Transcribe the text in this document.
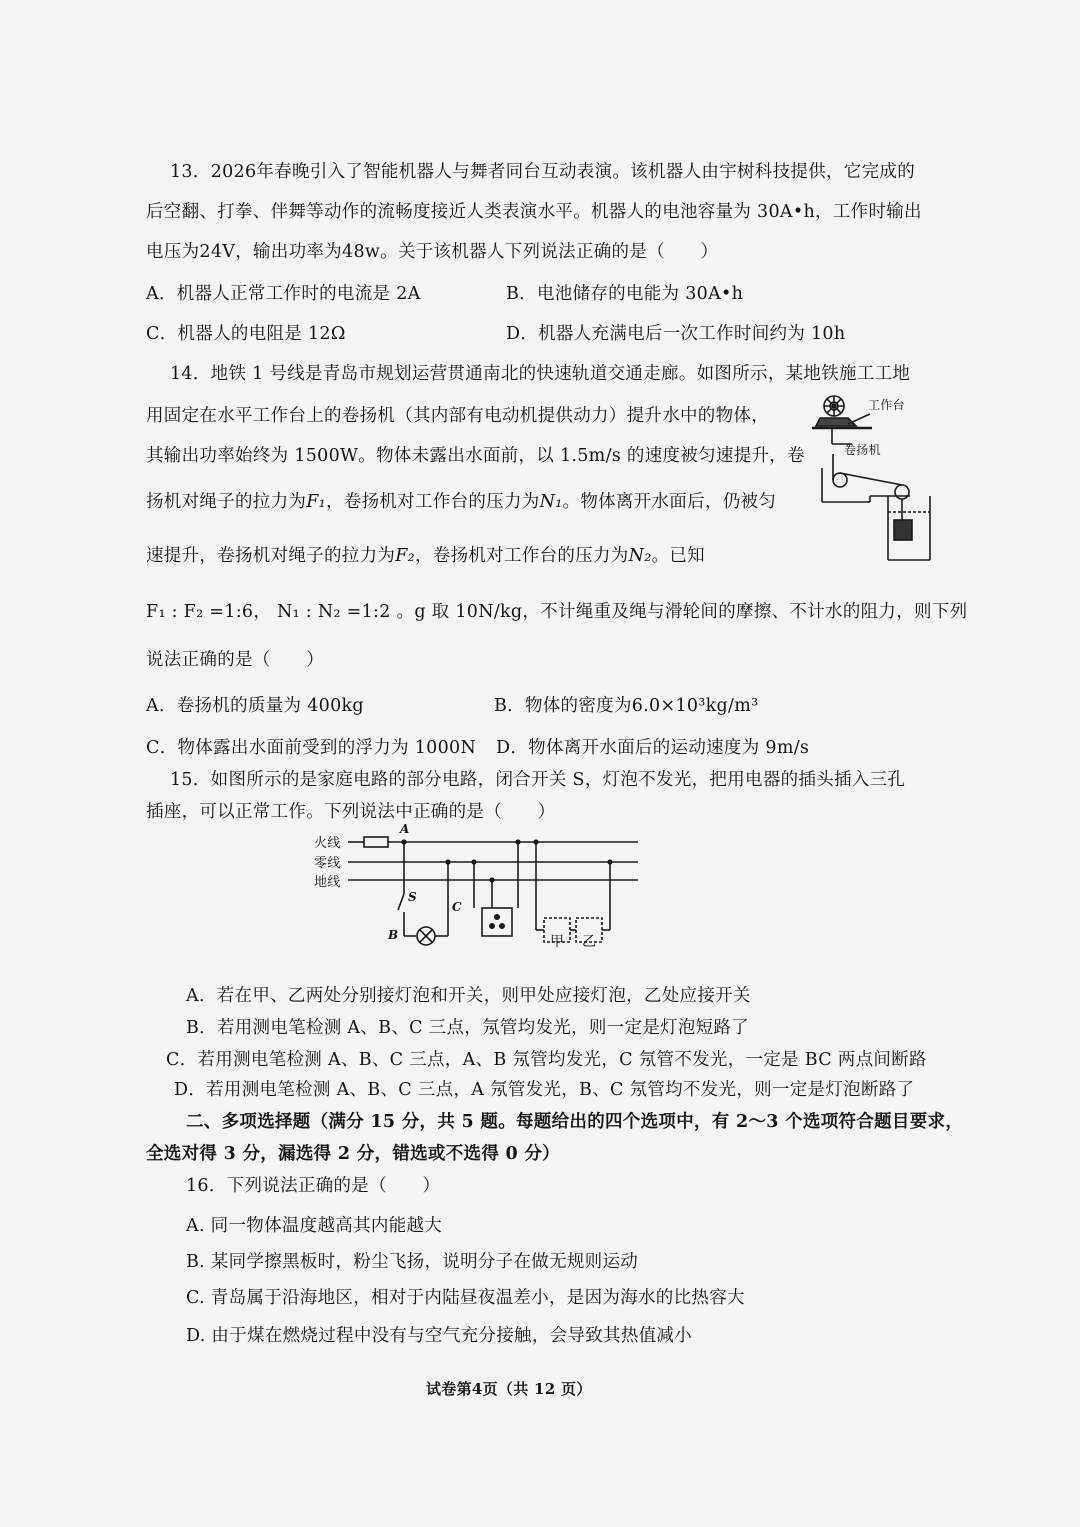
13．2026年春晚引入了智能机器人与舞者同台互动表演。该机器人由宇树科技提供，它完成的
后空翻、打拳、伴舞等动作的流畅度接近人类表演水平。机器人的电池容量为 30A•h，工作时输出
电压为24V，输出功率为48w。关于该机器人下列说法正确的是（　　）
A．机器人正常工作时的电流是 2A	B．电池储存的电能为 30A•h
C．机器人的电阻是 12Ω	D．机器人充满电后一次工作时间约为 10h
14．地铁 1 号线是青岛市规划运营贯通南北的快速轨道交通走廊。如图所示，某地铁施工工地
用固定在水平工作台上的卷扬机（其内部有电动机提供动力）提升水中的物体，
其输出功率始终为 1500W。物体未露出水面前，以 1.5m/s 的速度被匀速提升，卷
扬机对绳子的拉力为F₁，卷扬机对工作台的压力为N₁。物体离开水面后，仍被匀
速提升，卷扬机对绳子的拉力为F₂，卷扬机对工作台的压力为N₂。已知
F₁ : F₂ =1:6， N₁ : N₂ =1:2 。g 取 10N/kg，不计绳重及绳与滑轮间的摩擦、不计水的阻力，则下列
说法正确的是（　　）
A．卷扬机的质量为 400kg	B．物体的密度为6.0×10³kg/m³
C．物体露出水面前受到的浮力为 1000N D．物体离开水面后的运动速度为 9m/s
工作台
卷扬机
15．如图所示的是家庭电路的部分电路，闭合开关 S，灯泡不发光，把用电器的插头插入三孔
插座，可以正常工作。下列说法中正确的是（　　）
火线
零线
地线
A
S
C
B	甲 乙
A．若在甲、乙两处分别接灯泡和开关，则甲处应接灯泡，乙处应接开关
B．若用测电笔检测 A、B、C 三点，氖管均发光，则一定是灯泡短路了
C．若用测电笔检测 A、B、C 三点，A、B 氖管均发光，C 氖管不发光，一定是 BC 两点间断路
D．若用测电笔检测 A、B、C 三点，A 氖管发光，B、C 氖管均不发光，则一定是灯泡断路了
二、多项选择题（满分 15 分，共 5 题。每题给出的四个选项中，有 2～3 个选项符合题目要求，
全选对得 3 分，漏选得 2 分，错选或不选得 0 分）
16．下列说法正确的是（　　）
A. 同一物体温度越高其内能越大
B. 某同学擦黑板时，粉尘飞扬，说明分子在做无规则运动
C. 青岛属于沿海地区，相对于内陆昼夜温差小，是因为海水的比热容大
D. 由于煤在燃烧过程中没有与空气充分接触，会导致其热值减小
试卷第4页（共 12 页）
